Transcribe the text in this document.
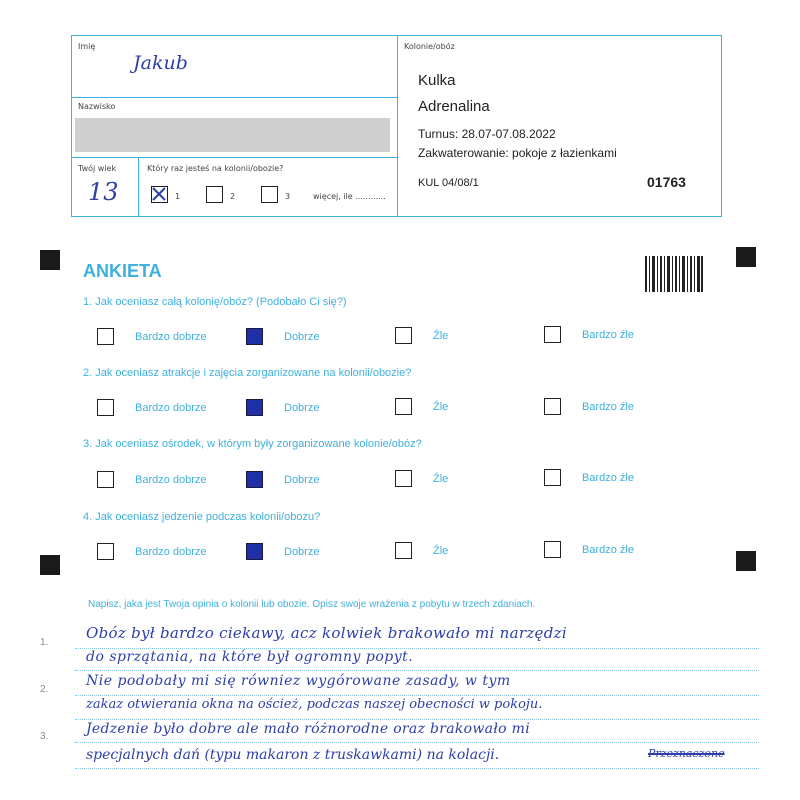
Imię
Jakub
Nazwisko
Twój wiek
13
Który raz jesteś na kolonii/obozie?
1	2	3	więcej, ile ............
Kolonie/obóz
Kulka
Adrenalina
Turnus: 28.07-07.08.2022
Zakwaterowanie: pokoje z łazienkami
KUL 04/08/1	01763
ANKIETA
1. Jak oceniasz całą kolonię/obóz? (Podobało Ci się?)
Bardzo dobrze	Dobrze	Źle	Bardzo źle
2. Jak oceniasz atrakcje i zajęcia zorganizowane na kolonii/obozie?
Bardzo dobrze	Dobrze	Źle	Bardzo źle
3. Jak oceniasz ośrodek, w którym były zorganizowane kolonie/obóz?
Bardzo dobrze	Dobrze	Źle	Bardzo źle
4. Jak oceniasz jedzenie podczas kolonii/obozu?
Bardzo dobrze	Dobrze	Źle	Bardzo źle
Napisz, jaka jest Twoja opinia o kolonii lub obozie. Opisz swoje wrażenia z pobytu w trzech zdaniach.
1.
2.
3.
Obóz był bardzo ciekawy, acz kolwiek brakowało mi narzędzi
do sprzątania, na które był ogromny popyt.
Nie podobały mi się równiez wygórowane zasady, w tym
zakaz otwierania okna na oścież, podczas naszej obecności w pokoju.
Jedzenie było dobre ale mało różnorodne oraz brakowało mi
specjalnych dań (typu makaron z truskawkami) na kolacji.	Przeznaczone
